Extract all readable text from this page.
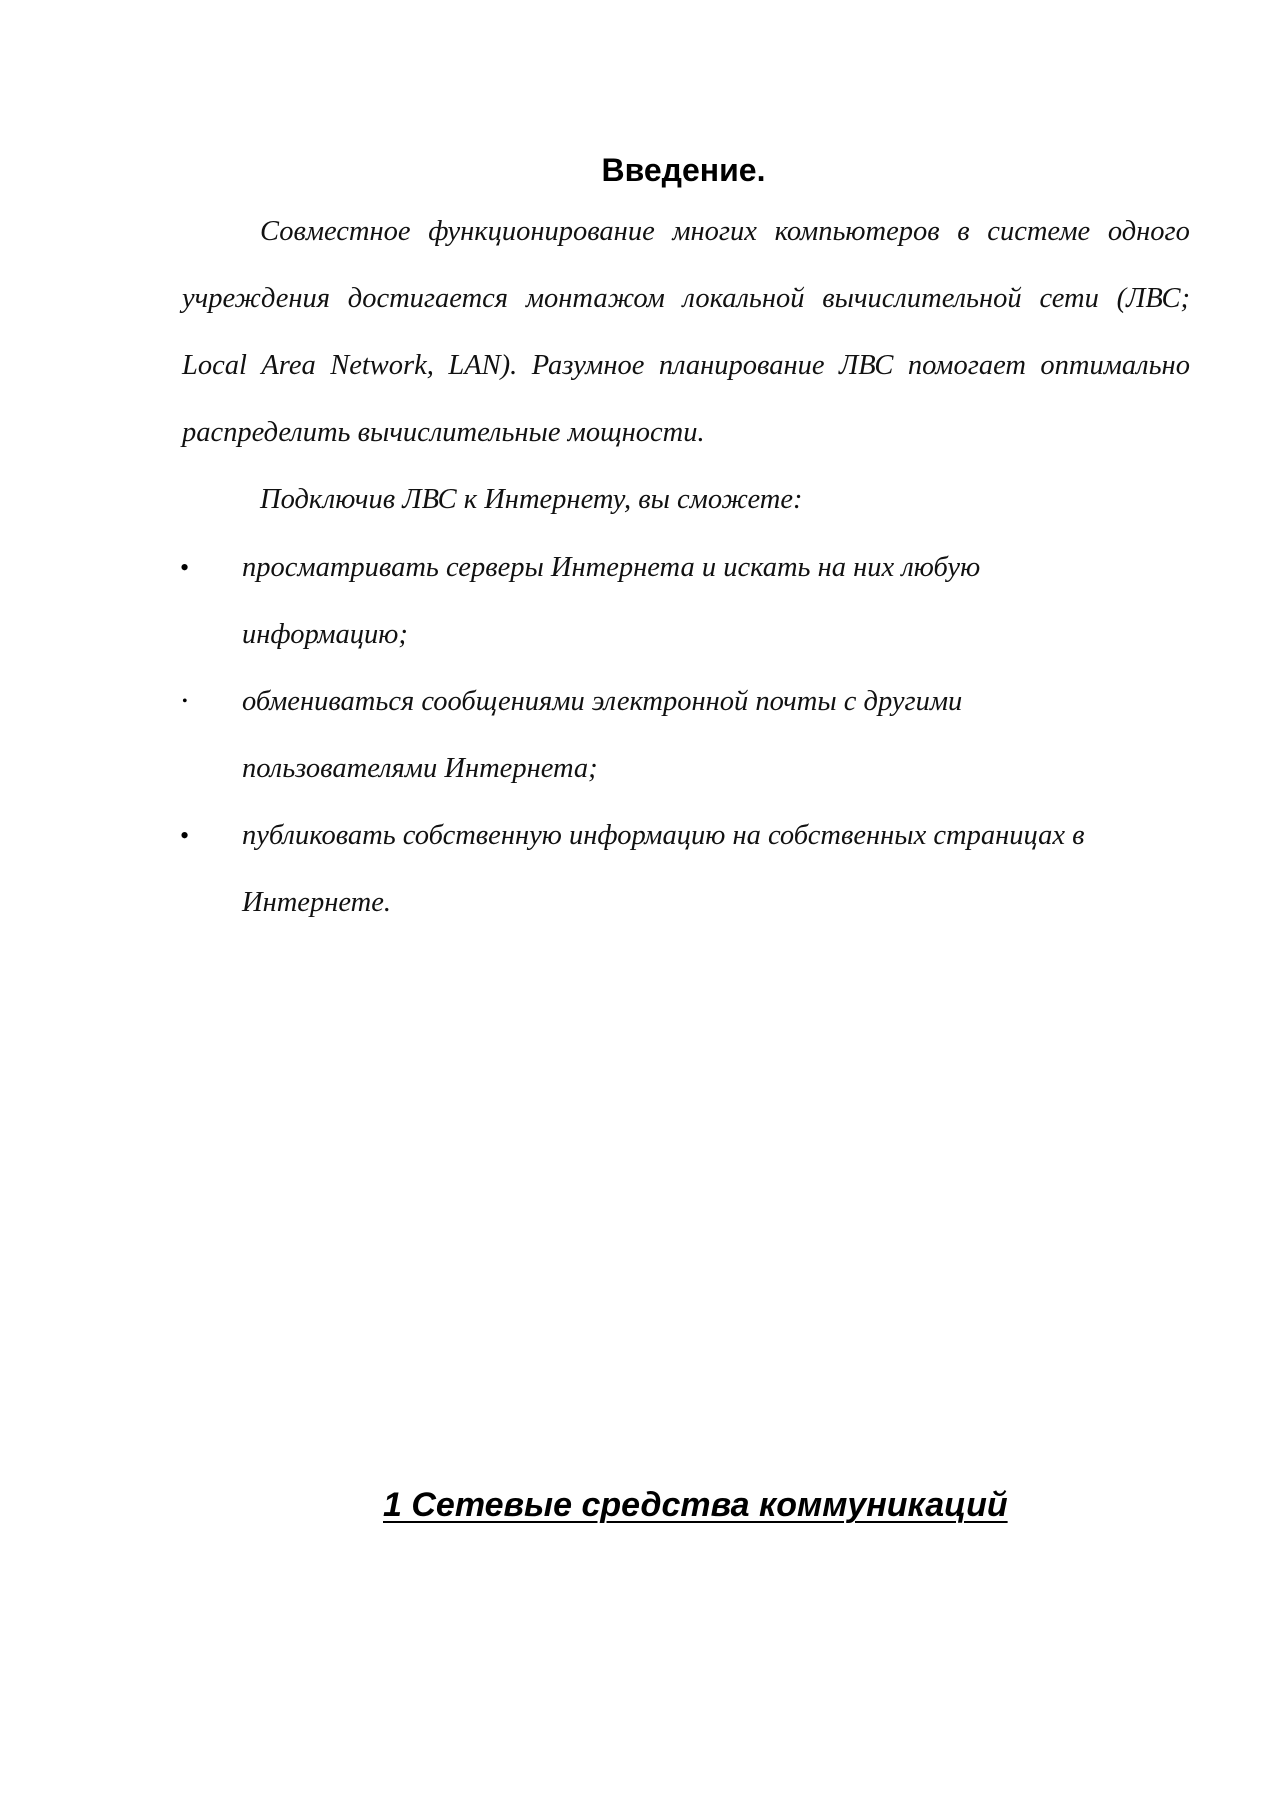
Введение.
Совместное функционирование многих компьютеров в системе одного
учреждения достигается монтажом локальной вычислительной сети (ЛВС;
Local Area Network, LAN). Разумное планирование ЛВС помогает оптимально
распределить вычислительные мощности.
Подключив ЛВС к Интернету, вы сможете:
• просматривать серверы Интернета и искать на них любую
информацию;
• обмениваться сообщениями электронной почты с другими
пользователями Интернета;
• публиковать собственную информацию на собственных страницах в
Интернете.
1 Сетевые средства коммуникаций
